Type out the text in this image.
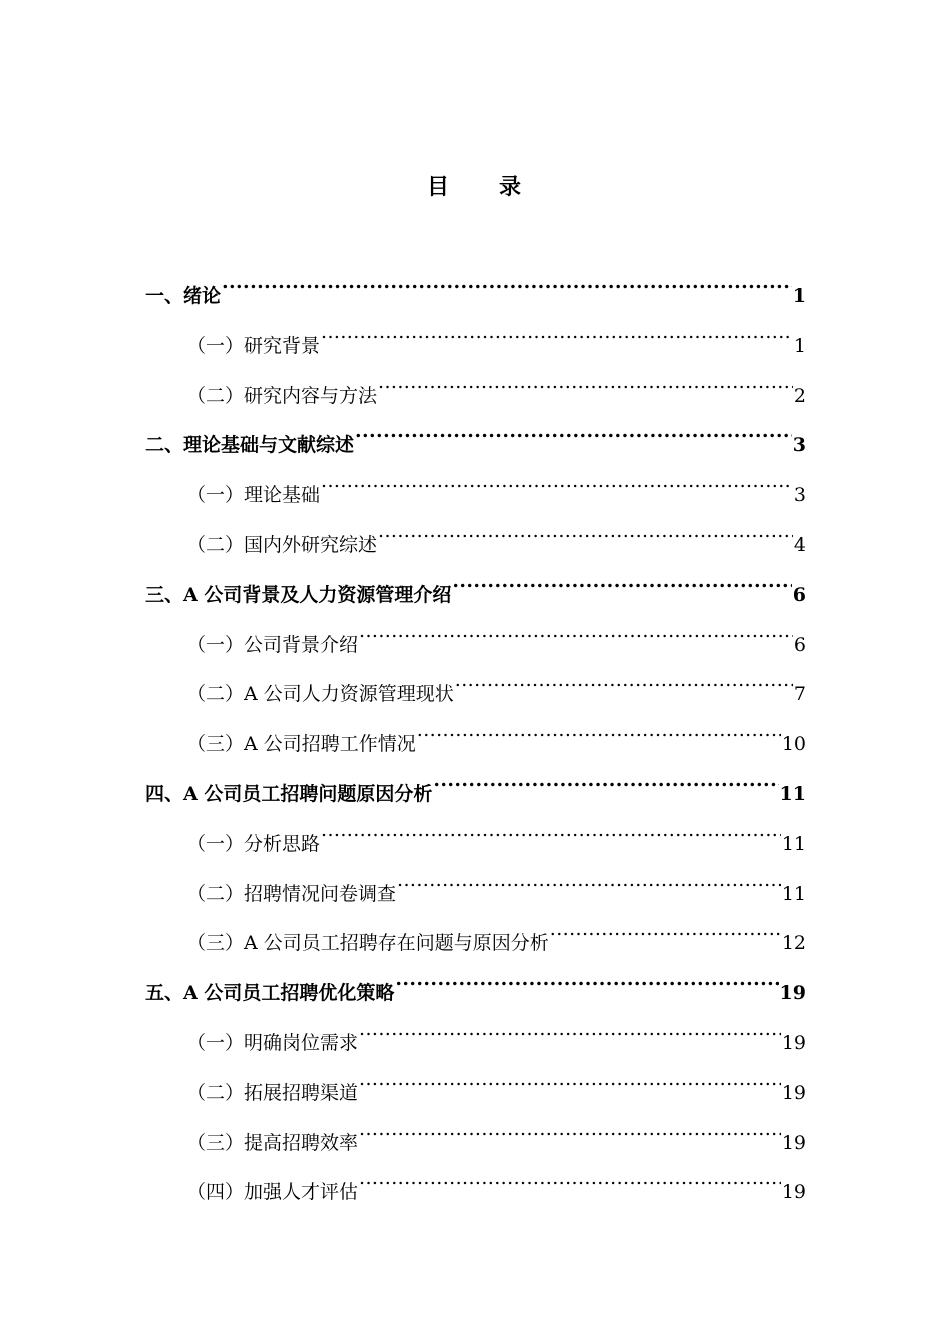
目　　录
一、绪论 .....	1
（一）研究背景 .....	1
（二）研究内容与方法 .....	2
二、理论基础与文献综述 .....	3
（一）理论基础 .....	3
（二）国内外研究综述 .....	4
三、A 公司背景及人力资源管理介绍 .....	6
（一）公司背景介绍 .....	6
（二）A 公司人力资源管理现状 .....	7
（三）A 公司招聘工作情况 .....	10
四、A 公司员工招聘问题原因分析 .....	11
（一）分析思路 .....	11
（二）招聘情况问卷调查 .....	11
（三）A 公司员工招聘存在问题与原因分析 .....	12
五、A 公司员工招聘优化策略 .....	19
（一）明确岗位需求 .....	19
（二）拓展招聘渠道 .....	19
（三）提高招聘效率 .....	19
（四）加强人才评估 .....	19
